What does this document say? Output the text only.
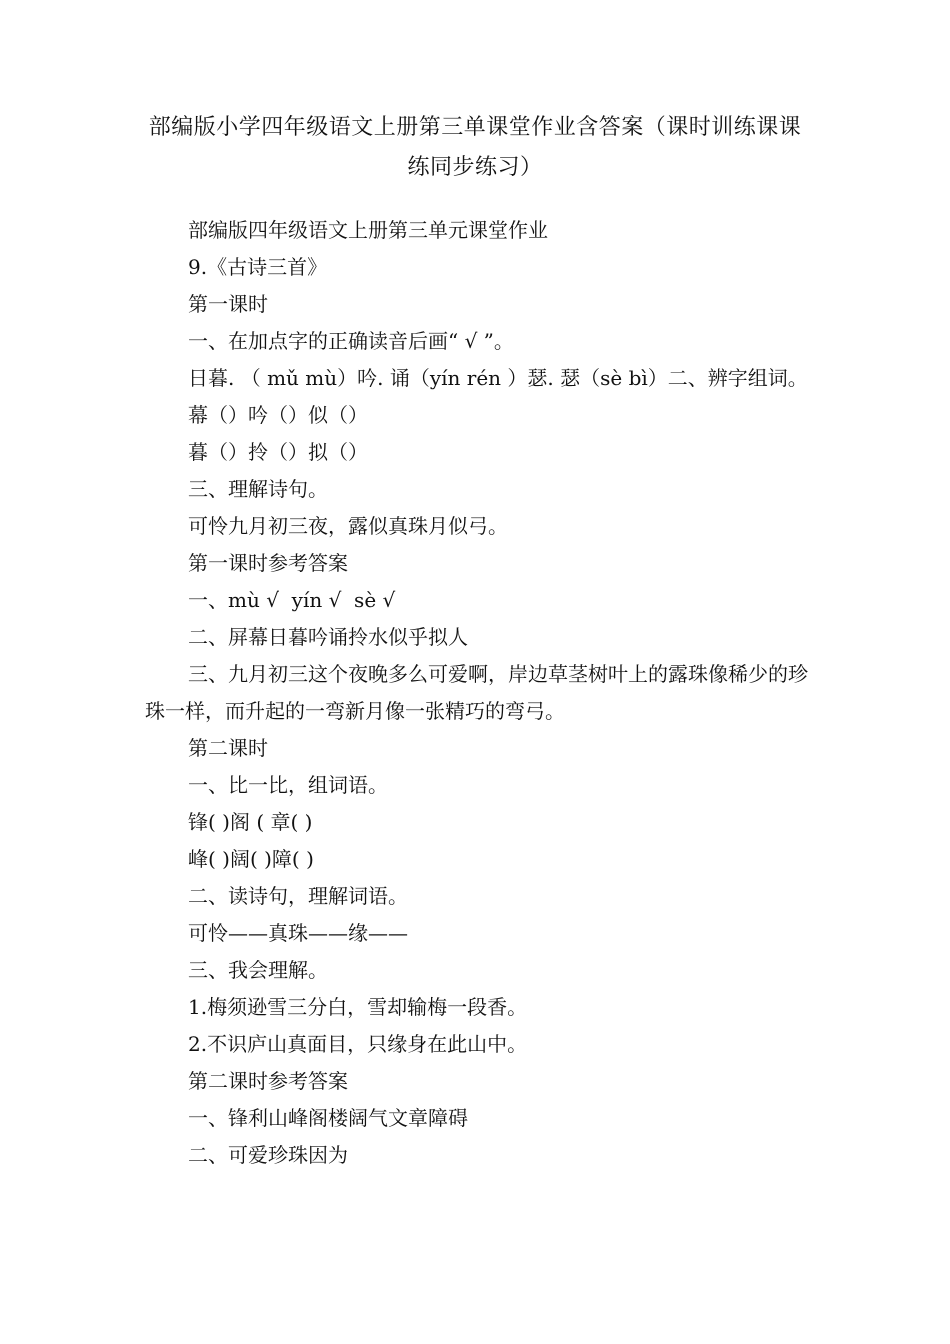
部编版小学四年级语文上册第三单课堂作业含答案（课时训练课课练同步练习）

部编版四年级语文上册第三单元课堂作业

9.《古诗三首》

第一课时

一、在加点字的正确读音后画“ √ ”。

日暮. （ mǔ mù）吟. 诵（yín rén ）瑟. 瑟（sè bì）二、辨字组词。

幕（）吟（）似（）

暮（）拎（）拟（）

三、理解诗句。

可怜九月初三夜，露似真珠月似弓。

第一课时参考答案

一、mù √  yín √  sè √

二、屏幕日暮吟诵拎水似乎拟人

三、九月初三这个夜晚多么可爱啊，岸边草茎树叶上的露珠像稀少的珍珠一样，而升起的一弯新月像一张精巧的弯弓。

第二课时

一、比一比，组词语。

锋( )阁 ( 章( )

峰( )阔( )障( )

二、读诗句，理解词语。

可怜——真珠——缘——

三、我会理解。

1.梅须逊雪三分白，雪却输梅一段香。

2.不识庐山真面目，只缘身在此山中。

第二课时参考答案

一、锋利山峰阁楼阔气文章障碍

二、可爱珍珠因为
